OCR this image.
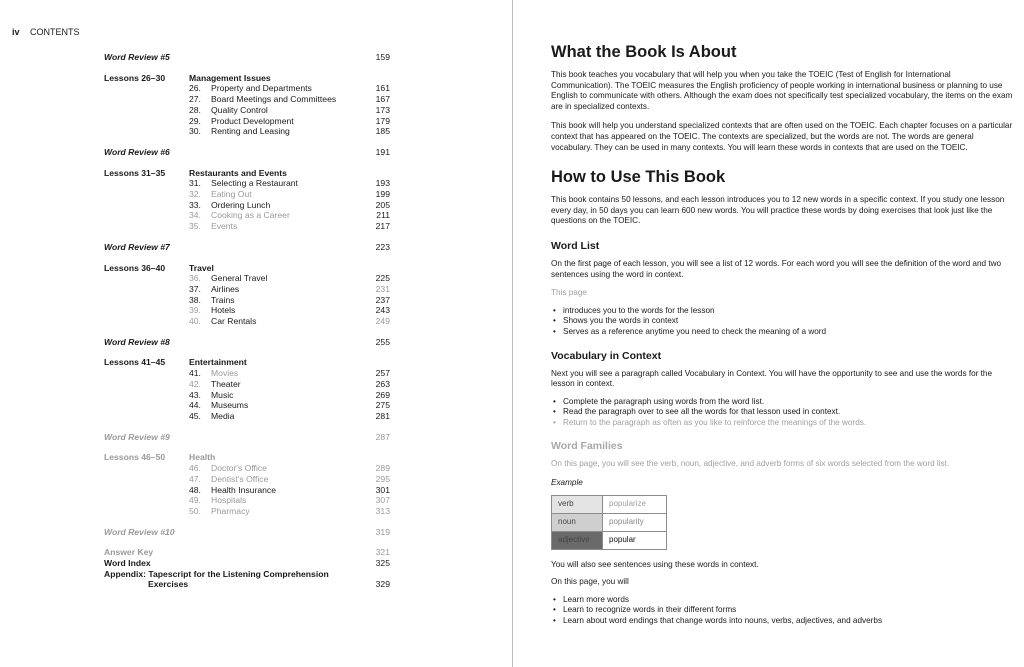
iv CONTENTS
Word Review #5	159
Lessons 26–30	Management Issues
26. Property and Departments	161
27. Board Meetings and Committees	167
28. Quality Control	173
29. Product Development	179
30. Renting and Leasing	185
Word Review #6	191
Lessons 31–35	Restaurants and Events
31. Selecting a Restaurant	193
32. Eating Out	199
33. Ordering Lunch	205
34. Cooking as a Career	211
35. Events	217
Word Review #7	223
Lessons 36–40	Travel
36. General Travel	225
37. Airlines	231
38. Trains	237
39. Hotels	243
40. Car Rentals	249
Word Review #8	255
Lessons 41–45	Entertainment
41. Movies	257
42. Theater	263
43. Music	269
44. Museums	275
45. Media	281
Word Review #9	287
Lessons 46–50	Health
46. Doctor's Office	289
47. Dentist's Office	295
48. Health Insurance	301
49. Hospitals	307
50. Pharmacy	313
Word Review #10	319
Answer Key	321
Word Index	325
Appendix: Tapescript for the Listening Comprehension
Exercises	329
What the Book Is About

This book teaches you vocabulary that will help you when you take the TOEIC (Test of English for International Communication). The TOEIC measures the English proficiency of people working in international business or planning to use English to communicate with others. Although the exam does not specifically test specialized vocabulary, the items on the exam are in specialized contexts.

This book will help you understand specialized contexts that are often used on the TOEIC. Each chapter focuses on a particular context that has appeared on the TOEIC. The contexts are specialized, but the words are not. The words are general vocabulary. They can be used in many contexts. You will learn these words in contexts that are used on the TOEIC.

How to Use This Book

This book contains 50 lessons, and each lesson introduces you to 12 new words in a specific context. If you study one lesson every day, in 50 days you can learn 600 new words. You will practice these words by doing exercises that look just like the questions on the TOEIC.

Word List

On the first page of each lesson, you will see a list of 12 words. For each word you will see the definition of the word and two sentences using the word in context.

This page

• introduces you to the words for the lesson
• Shows you the words in context
• Serves as a reference anytime you need to check the meaning of a word
Vocabulary in Context

Next you will see a paragraph called Vocabulary in Context. You will have the opportunity to see and use the words for the lesson in context.

• Complete the paragraph using words from the word list.
• Read the paragraph over to see all the words for that lesson used in context.
• Return to the paragraph as often as you like to reinforce the meanings of the words.
Word Families

On this page, you will see the verb, noun, adjective, and adverb forms of six words selected from the word list.

Example

verb	popularize
noun	popularity
adjective	popular

You will also see sentences using these words in context.

On this page, you will

• Learn more words
• Learn to recognize words in their different forms
• Learn about word endings that change words into nouns, verbs, adjectives, and adverbs
